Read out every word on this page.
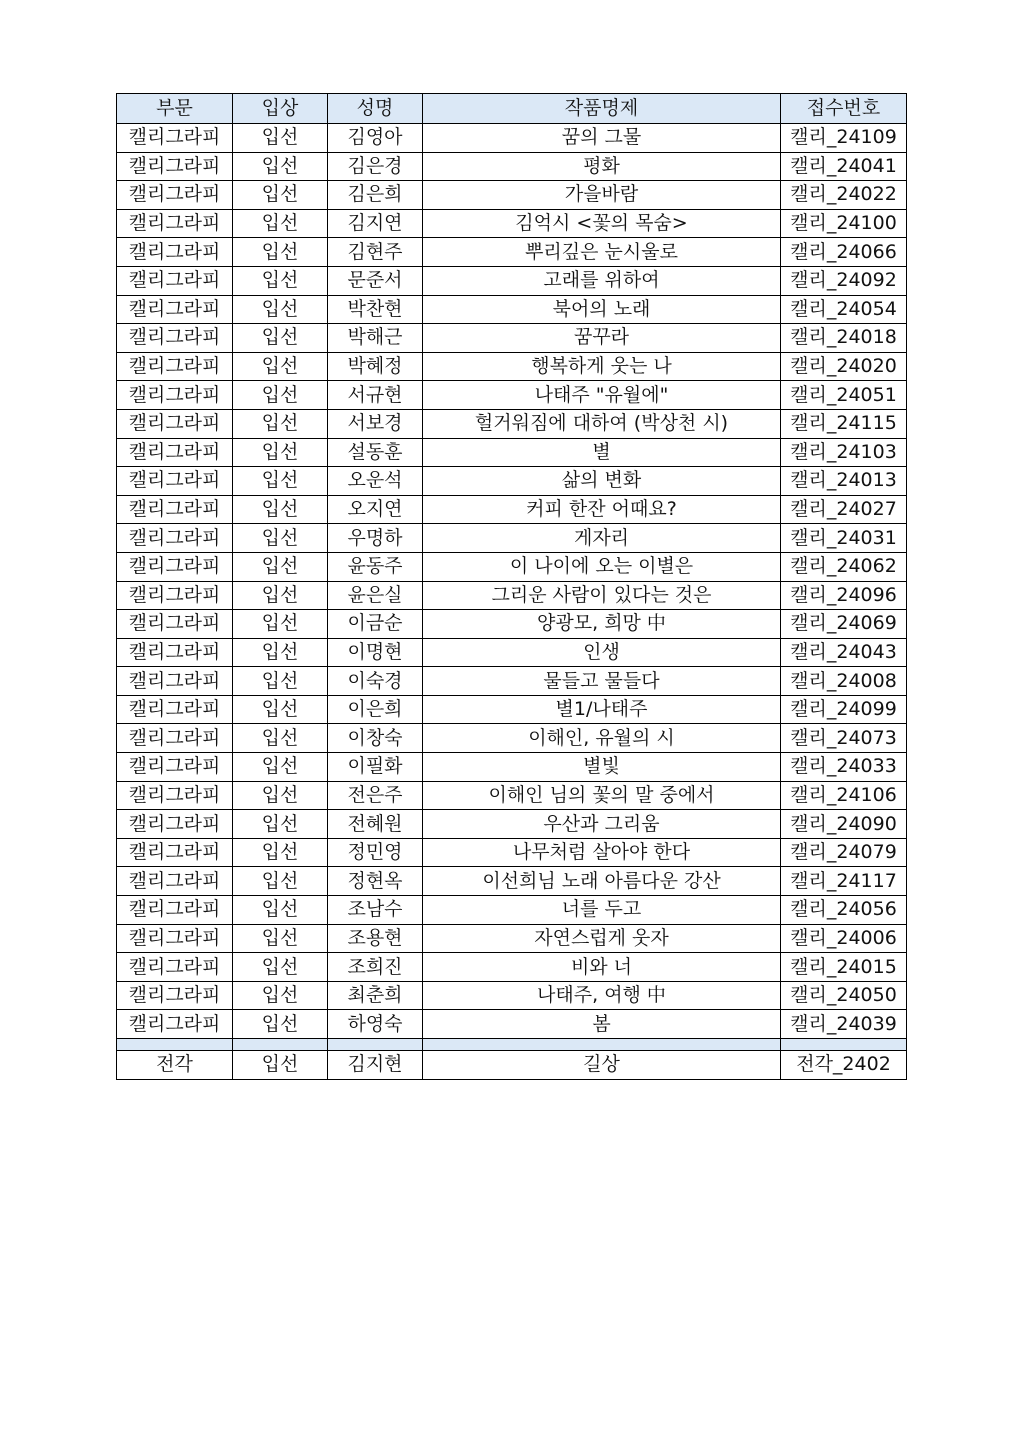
부문	입상	성명	작품명제	접수번호
캘리그라피	입선	김영아	꿈의 그물	캘리_24109
캘리그라피	입선	김은경	평화	캘리_24041
캘리그라피	입선	김은희	가을바람	캘리_24022
캘리그라피	입선	김지연	김억시 <꽃의 목숨>	캘리_24100
캘리그라피	입선	김현주	뿌리깊은 눈시울로	캘리_24066
캘리그라피	입선	문준서	고래를 위하여	캘리_24092
캘리그라피	입선	박찬현	북어의 노래	캘리_24054
캘리그라피	입선	박해근	꿈꾸라	캘리_24018
캘리그라피	입선	박혜정	행복하게 웃는 나	캘리_24020
캘리그라피	입선	서규현	나태주 "유월에"	캘리_24051
캘리그라피	입선	서보경	헐거워짐에 대하여 (박상천 시)	캘리_24115
캘리그라피	입선	설동훈	별	캘리_24103
캘리그라피	입선	오운석	삶의 변화	캘리_24013
캘리그라피	입선	오지연	커피 한잔 어때요?	캘리_24027
캘리그라피	입선	우명하	게자리	캘리_24031
캘리그라피	입선	윤동주	이 나이에 오는 이별은	캘리_24062
캘리그라피	입선	윤은실	그리운 사람이 있다는 것은	캘리_24096
캘리그라피	입선	이금순	양광모, 희망 中	캘리_24069
캘리그라피	입선	이명현	인생	캘리_24043
캘리그라피	입선	이숙경	물들고 물들다	캘리_24008
캘리그라피	입선	이은희	별1/나태주	캘리_24099
캘리그라피	입선	이창숙	이해인, 유월의 시	캘리_24073
캘리그라피	입선	이필화	별빛	캘리_24033
캘리그라피	입선	전은주	이해인 님의 꽃의 말 중에서	캘리_24106
캘리그라피	입선	전혜원	우산과 그리움	캘리_24090
캘리그라피	입선	정민영	나무처럼 살아야 한다	캘리_24079
캘리그라피	입선	정현옥	이선희님 노래 아름다운 강산	캘리_24117
캘리그라피	입선	조남수	너를 두고	캘리_24056
캘리그라피	입선	조용현	자연스럽게 웃자	캘리_24006
캘리그라피	입선	조희진	비와 너	캘리_24015
캘리그라피	입선	최춘희	나태주, 여행 中	캘리_24050
캘리그라피	입선	하영숙	봄	캘리_24039

전각	입선	김지현	길상	전각_2402
